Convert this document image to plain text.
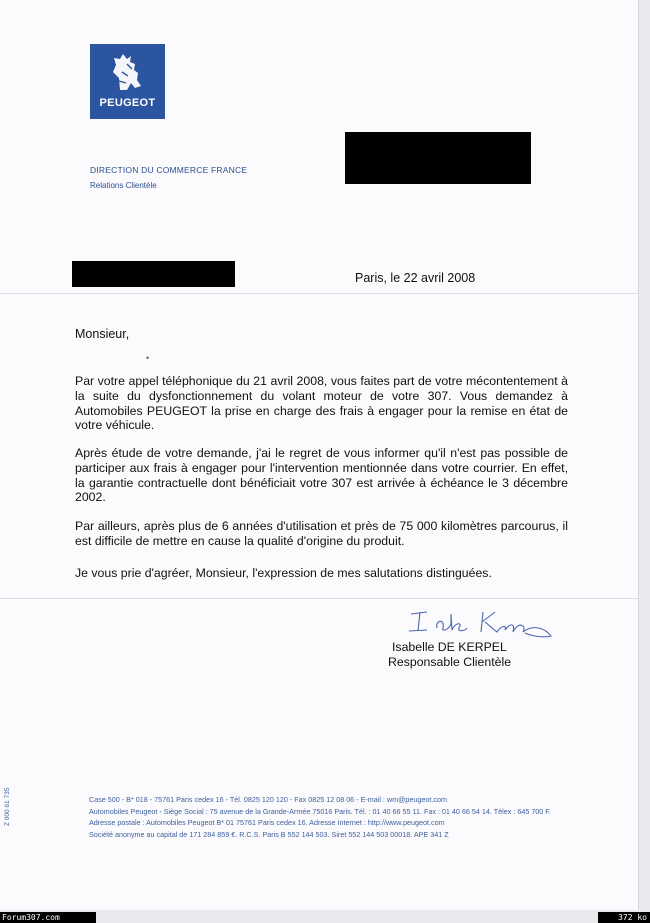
PEUGEOT
DIRECTION DU COMMERCE FRANCE
Relations Clientèle
Paris, le 22 avril 2008
Monsieur,
•
Par votre appel téléphonique du 21 avril 2008, vous faites part de votre mécontentement à la suite du dysfonctionnement du volant moteur de votre 307. Vous demandez à Automobiles PEUGEOT la prise en charge des frais à engager pour la remise en état de votre véhicule.
Après étude de votre demande, j'ai le regret de vous informer qu'il n'est pas possible de participer aux frais à engager pour l'intervention mentionnée dans votre courrier. En effet, la garantie contractuelle dont bénéficiait votre 307 est arrivée à échéance le 3 décembre 2002.
Par ailleurs, après plus de 6 années d'utilisation et près de 75 000 kilomètres parcourus, il est difficile de mettre en cause la qualité d'origine du produit.
Je vous prie d'agréer, Monsieur, l'expression de mes salutations distinguées.
Isabelle DE KERPEL
Responsable Clientèle
Case 500 - B* 018 - 75761 Paris cedex 16 - Tél. 0825 120 120 - Fax 0825 12 08 06 - E-mail : wm@peugeot.com
Automobiles Peugeot - Siège Social : 75 avenue de la Grande-Armée 75016 Paris. Tél. : 01 40 66 55 11. Fax : 01 40 66 54 14. Télex : 645 700 F.
Adresse postale : Automobiles Peugeot B* 01 75761 Paris cedex 16. Adresse Internet : http://www.peugeot.com
Société anonyme au capital de 171 284 859 €. R.C.S. Paris B 552 144 503. Siret 552 144 503 00018. APE 341 Z
Z 000 61 735
Forum307.com	372 ko
